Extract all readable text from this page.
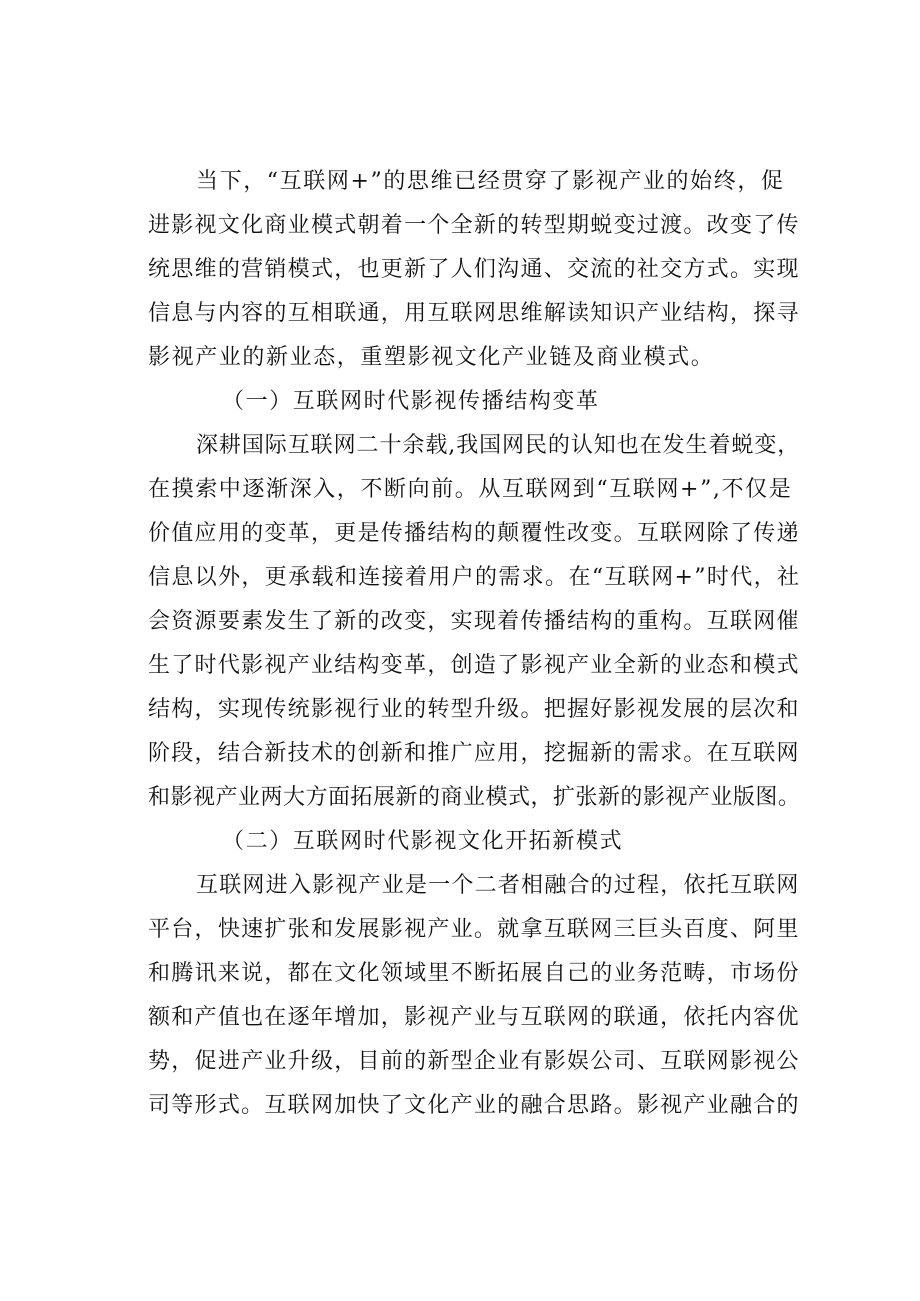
当下，“互联网+”的思维已经贯穿了影视产业的始终，促
进影视文化商业模式朝着一个全新的转型期蜕变过渡。改变了传
统思维的营销模式，也更新了人们沟通、交流的社交方式。实现
信息与内容的互相联通，用互联网思维解读知识产业结构，探寻
影视产业的新业态，重塑影视文化产业链及商业模式。
（一）互联网时代影视传播结构变革
深耕国际互联网二十余载,我国网民的认知也在发生着蜕变，
在摸索中逐渐深入，不断向前。从互联网到“互联网+”,不仅是
价值应用的变革，更是传播结构的颠覆性改变。互联网除了传递
信息以外，更承载和连接着用户的需求。在“互联网+”时代，社
会资源要素发生了新的改变，实现着传播结构的重构。互联网催
生了时代影视产业结构变革，创造了影视产业全新的业态和模式
结构，实现传统影视行业的转型升级。把握好影视发展的层次和
阶段，结合新技术的创新和推广应用，挖掘新的需求。在互联网
和影视产业两大方面拓展新的商业模式，扩张新的影视产业版图。
（二）互联网时代影视文化开拓新模式
互联网进入影视产业是一个二者相融合的过程，依托互联网
平台，快速扩张和发展影视产业。就拿互联网三巨头百度、阿里
和腾讯来说，都在文化领域里不断拓展自己的业务范畴，市场份
额和产值也在逐年增加，影视产业与互联网的联通，依托内容优
势，促进产业升级，目前的新型企业有影娱公司、互联网影视公
司等形式。互联网加快了文化产业的融合思路。影视产业融合的
